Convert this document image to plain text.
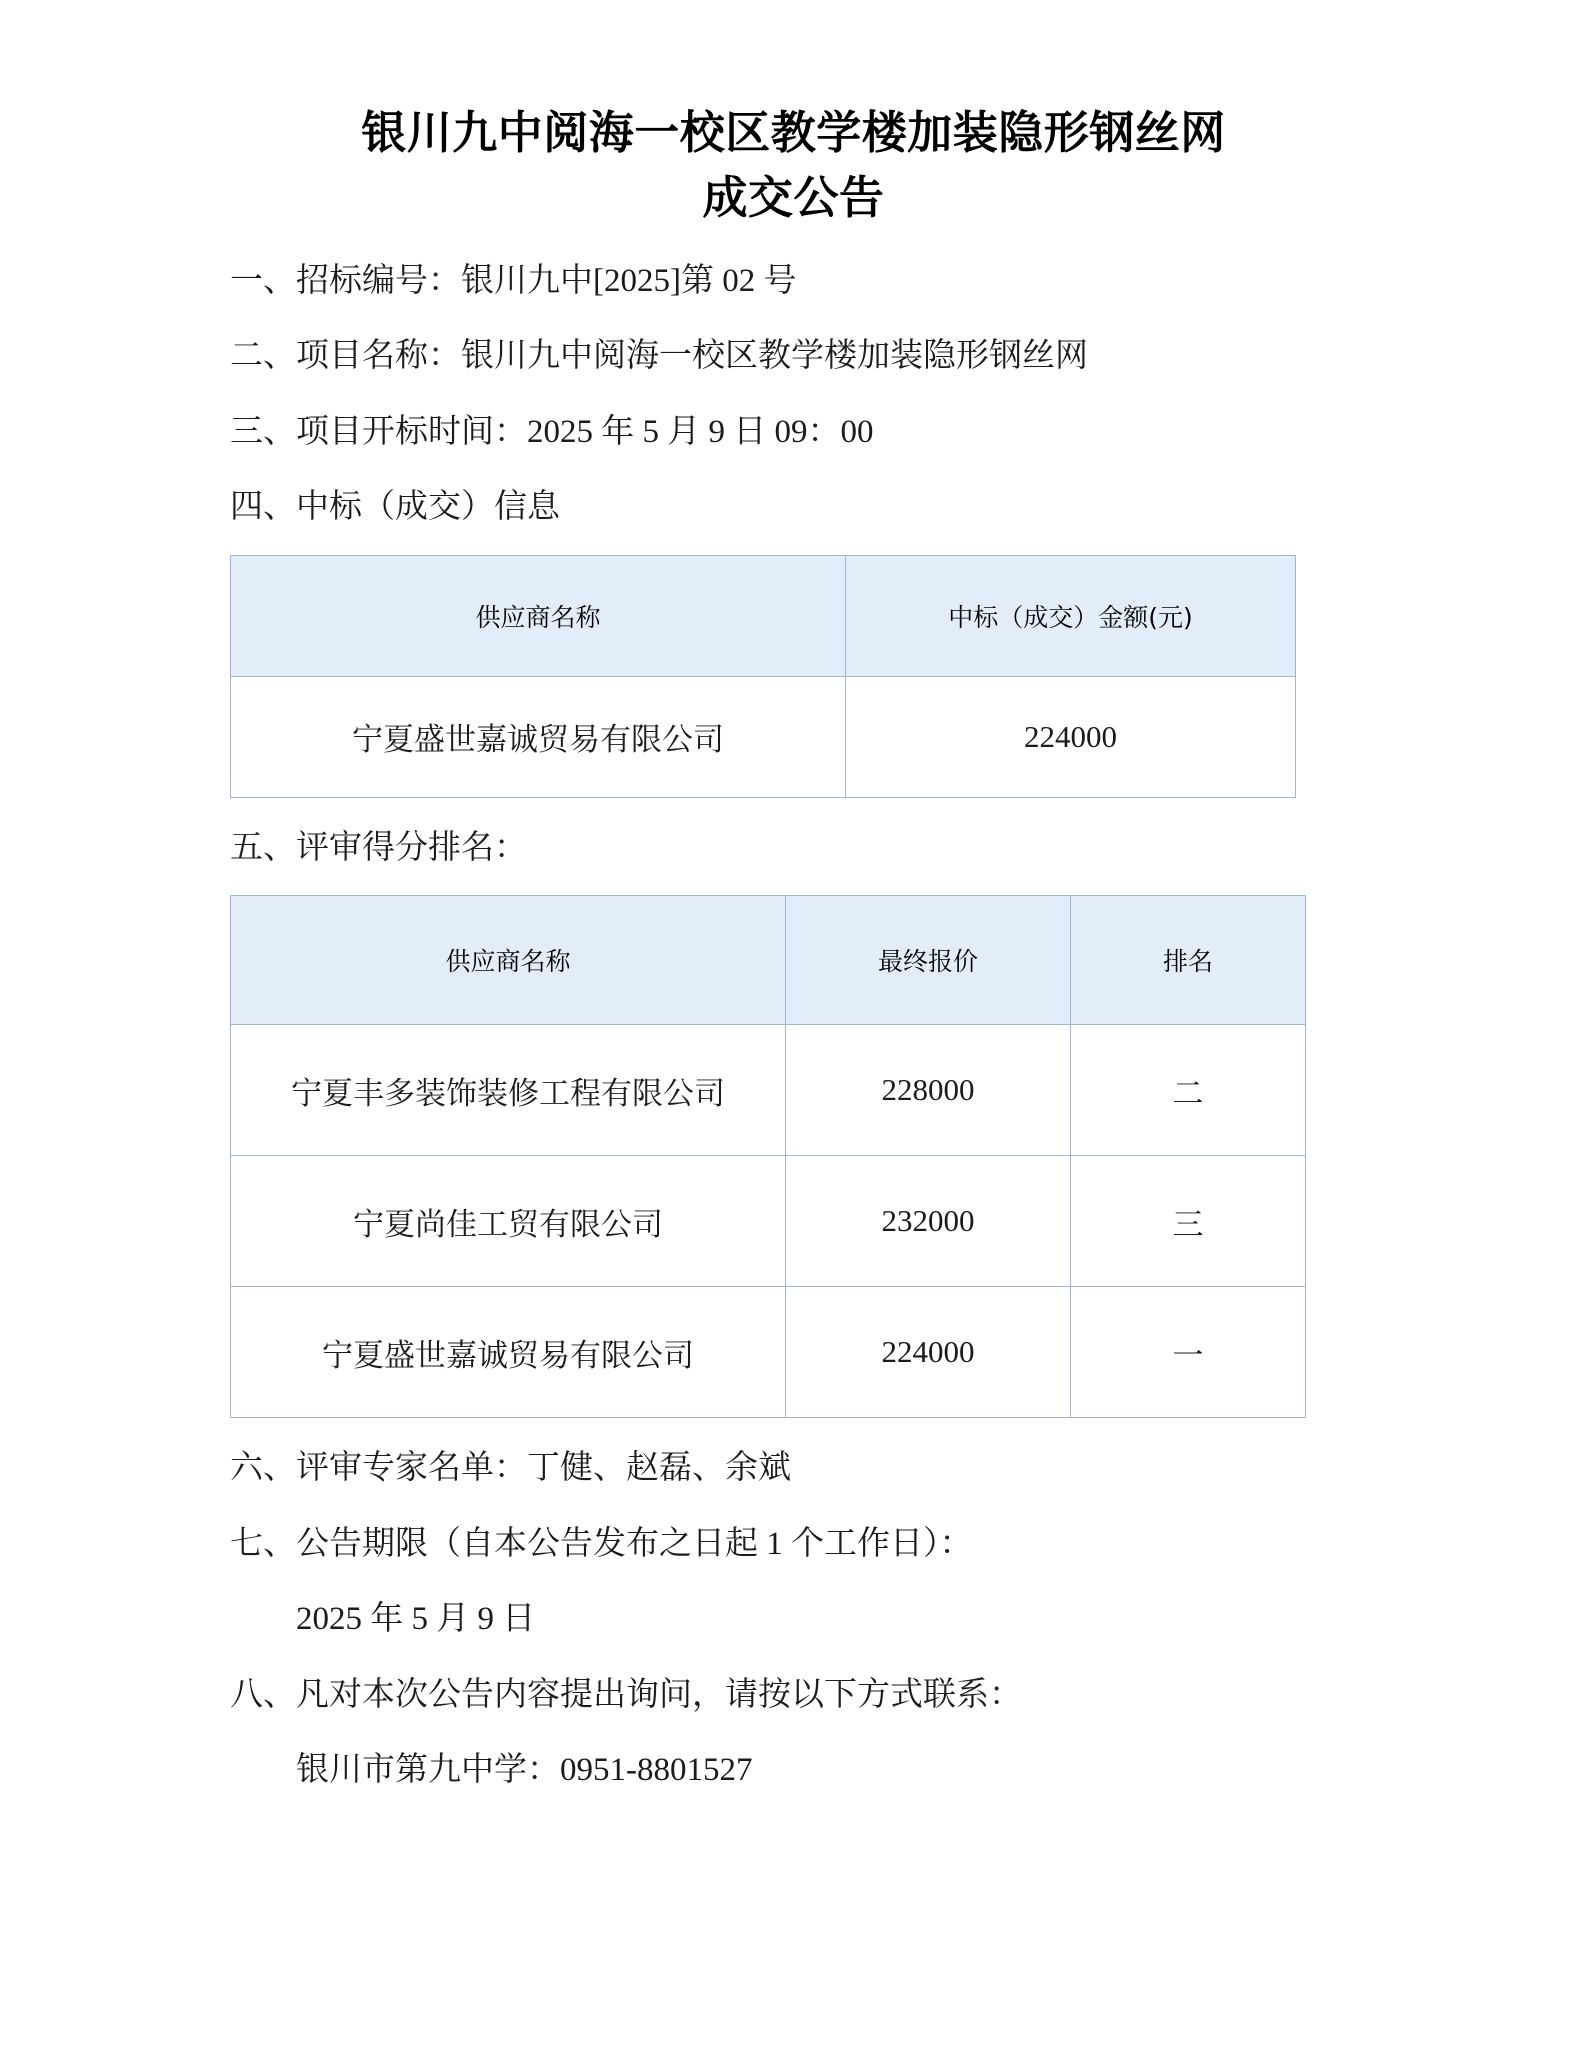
银川九中阅海一校区教学楼加装隐形钢丝网
成交公告

一、招标编号：银川九中[2025]第 02 号

二、项目名称：银川九中阅海一校区教学楼加装隐形钢丝网

三、项目开标时间：2025 年 5 月 9 日 09：00

四、中标（成交）信息

供应商名称	中标（成交）金额(元)
宁夏盛世嘉诚贸易有限公司	224000

五、评审得分排名：

供应商名称	最终报价	排名
宁夏丰多装饰装修工程有限公司	228000	二
宁夏尚佳工贸有限公司	232000	三
宁夏盛世嘉诚贸易有限公司	224000	一

六、评审专家名单：丁健、赵磊、余斌

七、公告期限（自本公告发布之日起 1 个工作日）：

2025 年 5 月 9 日

八、凡对本次公告内容提出询问，请按以下方式联系：

银川市第九中学：0951-8801527
